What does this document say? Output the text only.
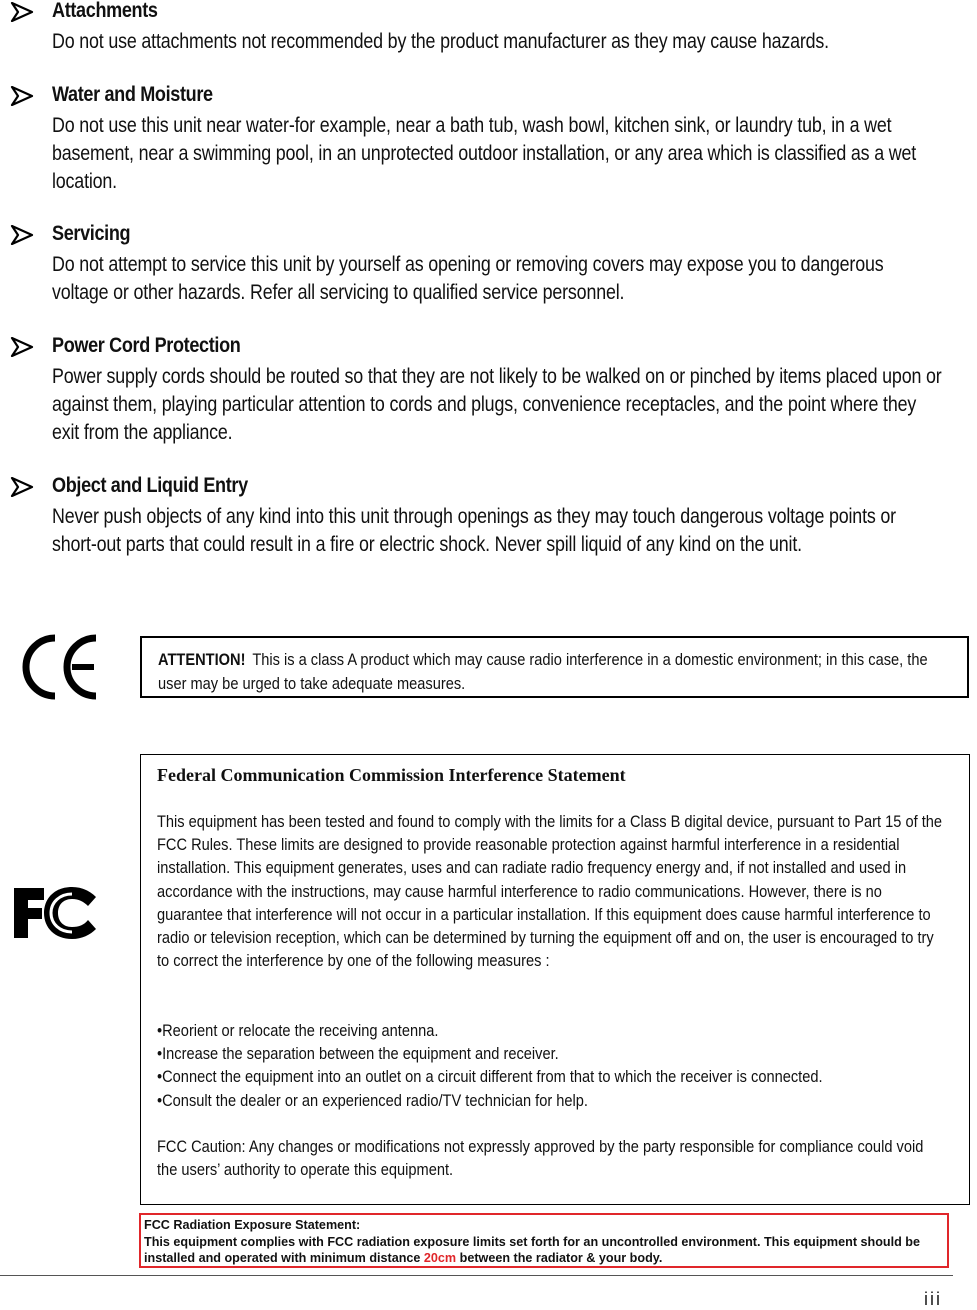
Attachments
Do not use attachments not recommended by the product manufacturer as they may cause hazards.
Water and Moisture
Do not use this unit near water-for example, near a bath tub, wash bowl, kitchen sink, or laundry tub, in a wet basement, near a swimming pool, in an unprotected outdoor installation, or any area which is classified as a wet location.
Servicing
Do not attempt to service this unit by yourself as opening or removing covers may expose you to dangerous voltage or other hazards. Refer all servicing to qualified service personnel.
Power Cord Protection
Power supply cords should be routed so that they are not likely to be walked on or pinched by items placed upon or against them, playing particular attention to cords and plugs, convenience receptacles, and the point where they exit from the appliance.
Object and Liquid Entry
Never push objects of any kind into this unit through openings as they may touch dangerous voltage points or short-out parts that could result in a fire or electric shock. Never spill liquid of any kind on the unit.
ATTENTION! This is a class A product which may cause radio interference in a domestic environment; in this case, the user may be urged to take adequate measures.
Federal Communication Commission Interference Statement
This equipment has been tested and found to comply with the limits for a Class B digital device, pursuant to Part 15 of the FCC Rules. These limits are designed to provide reasonable protection against harmful interference in a residential installation. This equipment generates, uses and can radiate radio frequency energy and, if not installed and used in accordance with the instructions, may cause harmful interference to radio communications. However, there is no guarantee that interference will not occur in a particular installation. If this equipment does cause harmful interference to radio or television reception, which can be determined by turning the equipment off and on, the user is encouraged to try to correct the interference by one of the following measures :
•Reorient or relocate the receiving antenna.
•Increase the separation between the equipment and receiver.
•Connect the equipment into an outlet on a circuit different from that to which the receiver is connected.
•Consult the dealer or an experienced radio/TV technician for help.
FCC Caution: Any changes or modifications not expressly approved by the party responsible for compliance could void the users’ authority to operate this equipment.
FCC Radiation Exposure Statement:
This equipment complies with FCC radiation exposure limits set forth for an uncontrolled environment. This equipment should be installed and operated with minimum distance 20cm between the radiator & your body.
iii
